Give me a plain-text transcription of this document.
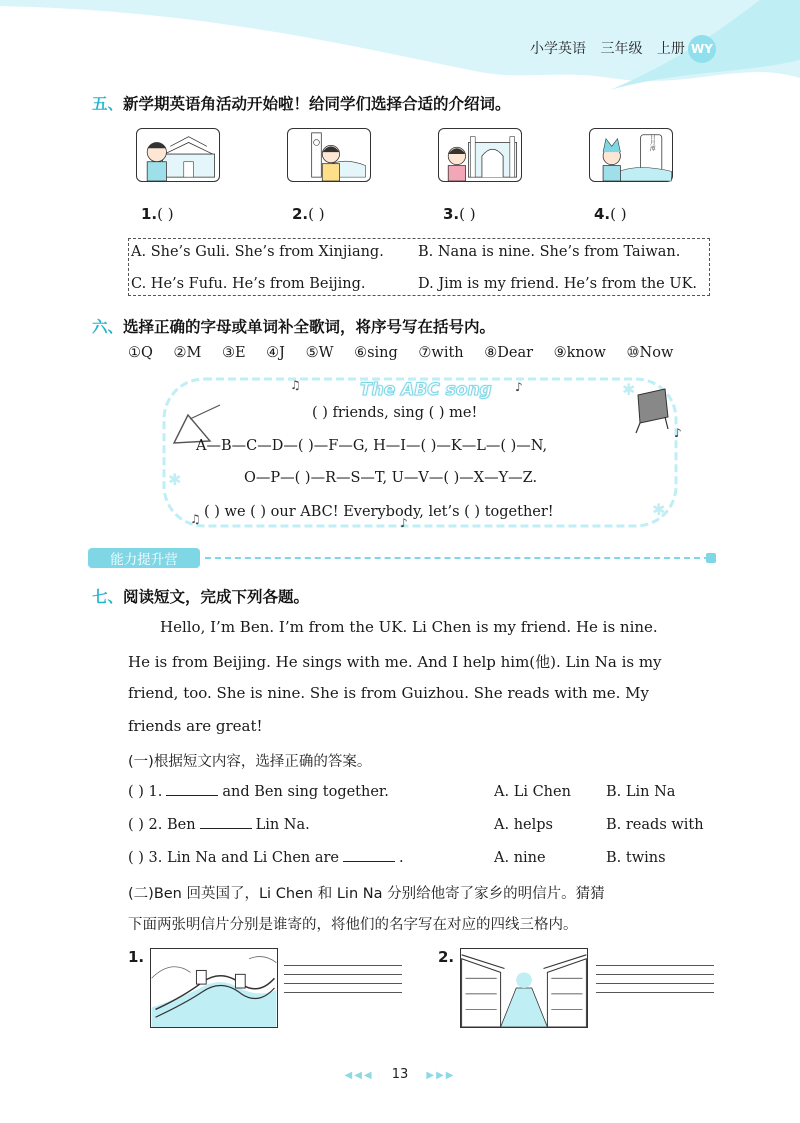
小学英语 三年级 上册 WY
五、新学期英语角活动开始啦！给同学们选择合适的介绍词。
日月潭
1.( )	2.( )	3.( )	4.( )
A. She’s Guli. She’s from Xinjiang. B. Nana is nine. She’s from Taiwan.
C. He’s Fufu. He’s from Beijing.	D. Jim is my friend. He’s from the UK.
六、选择正确的字母或单词补全歌词，将序号写在括号内。
①Q ②M ③E ④J ⑤W ⑥sing ⑦with ⑧Dear ⑨know ⑩Now
♫	♪
♪
♫	♪
✱
✱
✱
The ABC song
( ) friends, sing ( ) me!
A—B—C—D—( )—F—G, H—I—( )—K—L—( )—N,
O—P—( )—R—S—T, U—V—( )—X—Y—Z.
( ) we ( ) our ABC! Everybody, let’s ( ) together!
能力提升营
七、阅读短文，完成下列各题。
Hello, I’m Ben. I’m from the UK. Li Chen is my friend. He is nine.
He is from Beijing. He sings with me. And I help him(他). Lin Na is my
friend, too. She is nine. She is from Guizhou. She reads with me. My
friends are great!
(一)根据短文内容，选择正确的答案。
( ) 1.	and Ben sing together.	A. Li Chen B. Lin Na
( ) 2. Ben	Lin Na.	A. helps	B. reads with
( ) 3. Lin Na and Li Chen are	.	A. nine	B. twins
(二)Ben 回英国了，Li Chen 和 Lin Na 分别给他寄了家乡的明信片。猜猜
下面两张明信片分别是谁寄的，将他们的名字写在对应的四线三格内。
1.	2.
◀◀◀ 13 ▶▶▶
